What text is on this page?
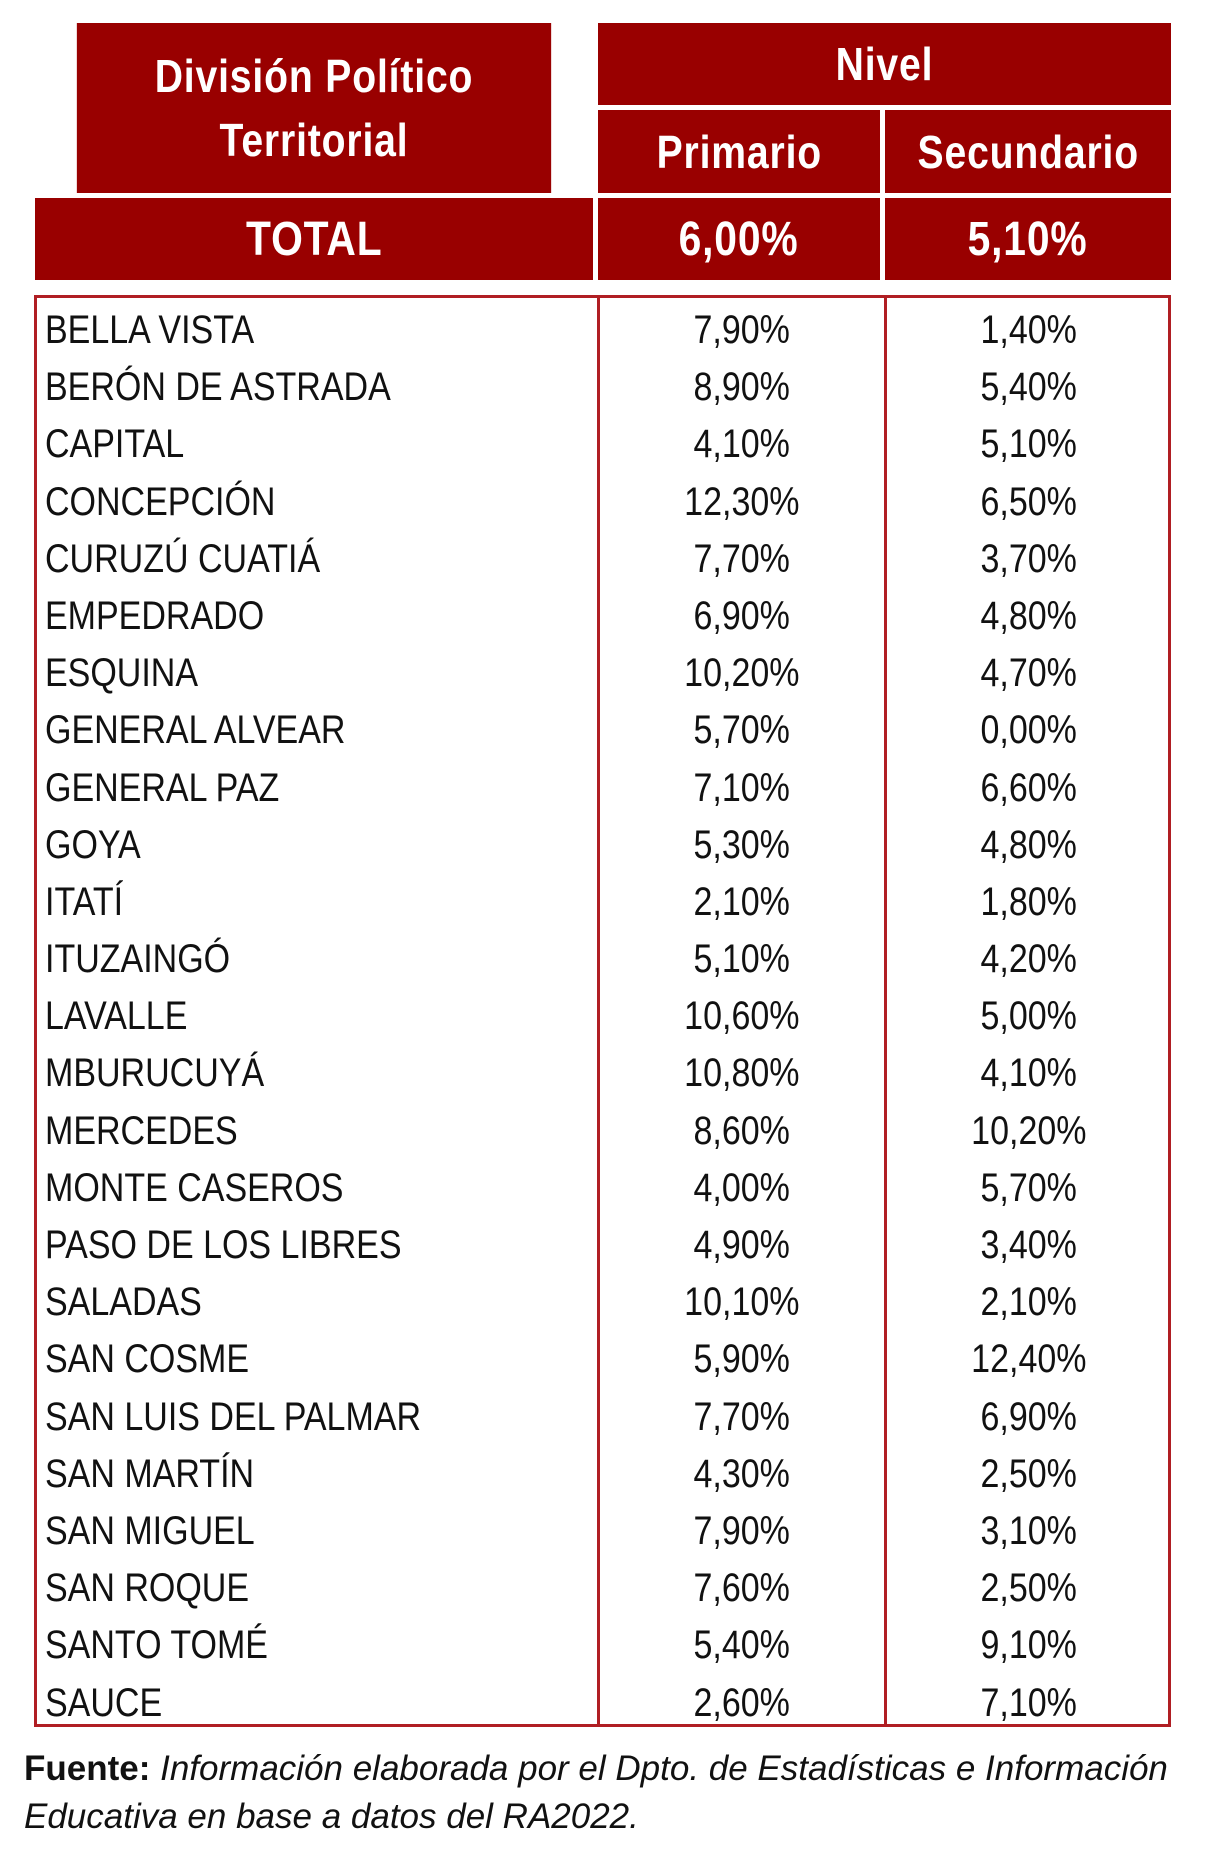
División Político
Territorial
Nivel
Primario Secundario
TOTAL	6,00%	5,10%
BELLA VISTA	7,90%	1,40%
BERÓN DE ASTRADA	8,90%	5,40%
CAPITAL	4,10%	5,10%
CONCEPCIÓN	12,30%	6,50%
CURUZÚ CUATIÁ	7,70%	3,70%
EMPEDRADO	6,90%	4,80%
ESQUINA	10,20%	4,70%
GENERAL ALVEAR	5,70%	0,00%
GENERAL PAZ	7,10%	6,60%
GOYA	5,30%	4,80%
ITATÍ	2,10%	1,80%
ITUZAINGÓ	5,10%	4,20%
LAVALLE	10,60%	5,00%
MBURUCUYÁ	10,80%	4,10%
MERCEDES	8,60%	10,20%
MONTE CASEROS	4,00%	5,70%
PASO DE LOS LIBRES	4,90%	3,40%
SALADAS	10,10%	2,10%
SAN COSME	5,90%	12,40%
SAN LUIS DEL PALMAR	7,70%	6,90%
SAN MARTÍN	4,30%	2,50%
SAN MIGUEL	7,90%	3,10%
SAN ROQUE	7,60%	2,50%
SANTO TOMÉ	5,40%	9,10%
SAUCE	2,60%	7,10%
Fuente: Información elaborada por el Dpto. de Estadísticas e Información Educativa en base a datos del RA2022.
